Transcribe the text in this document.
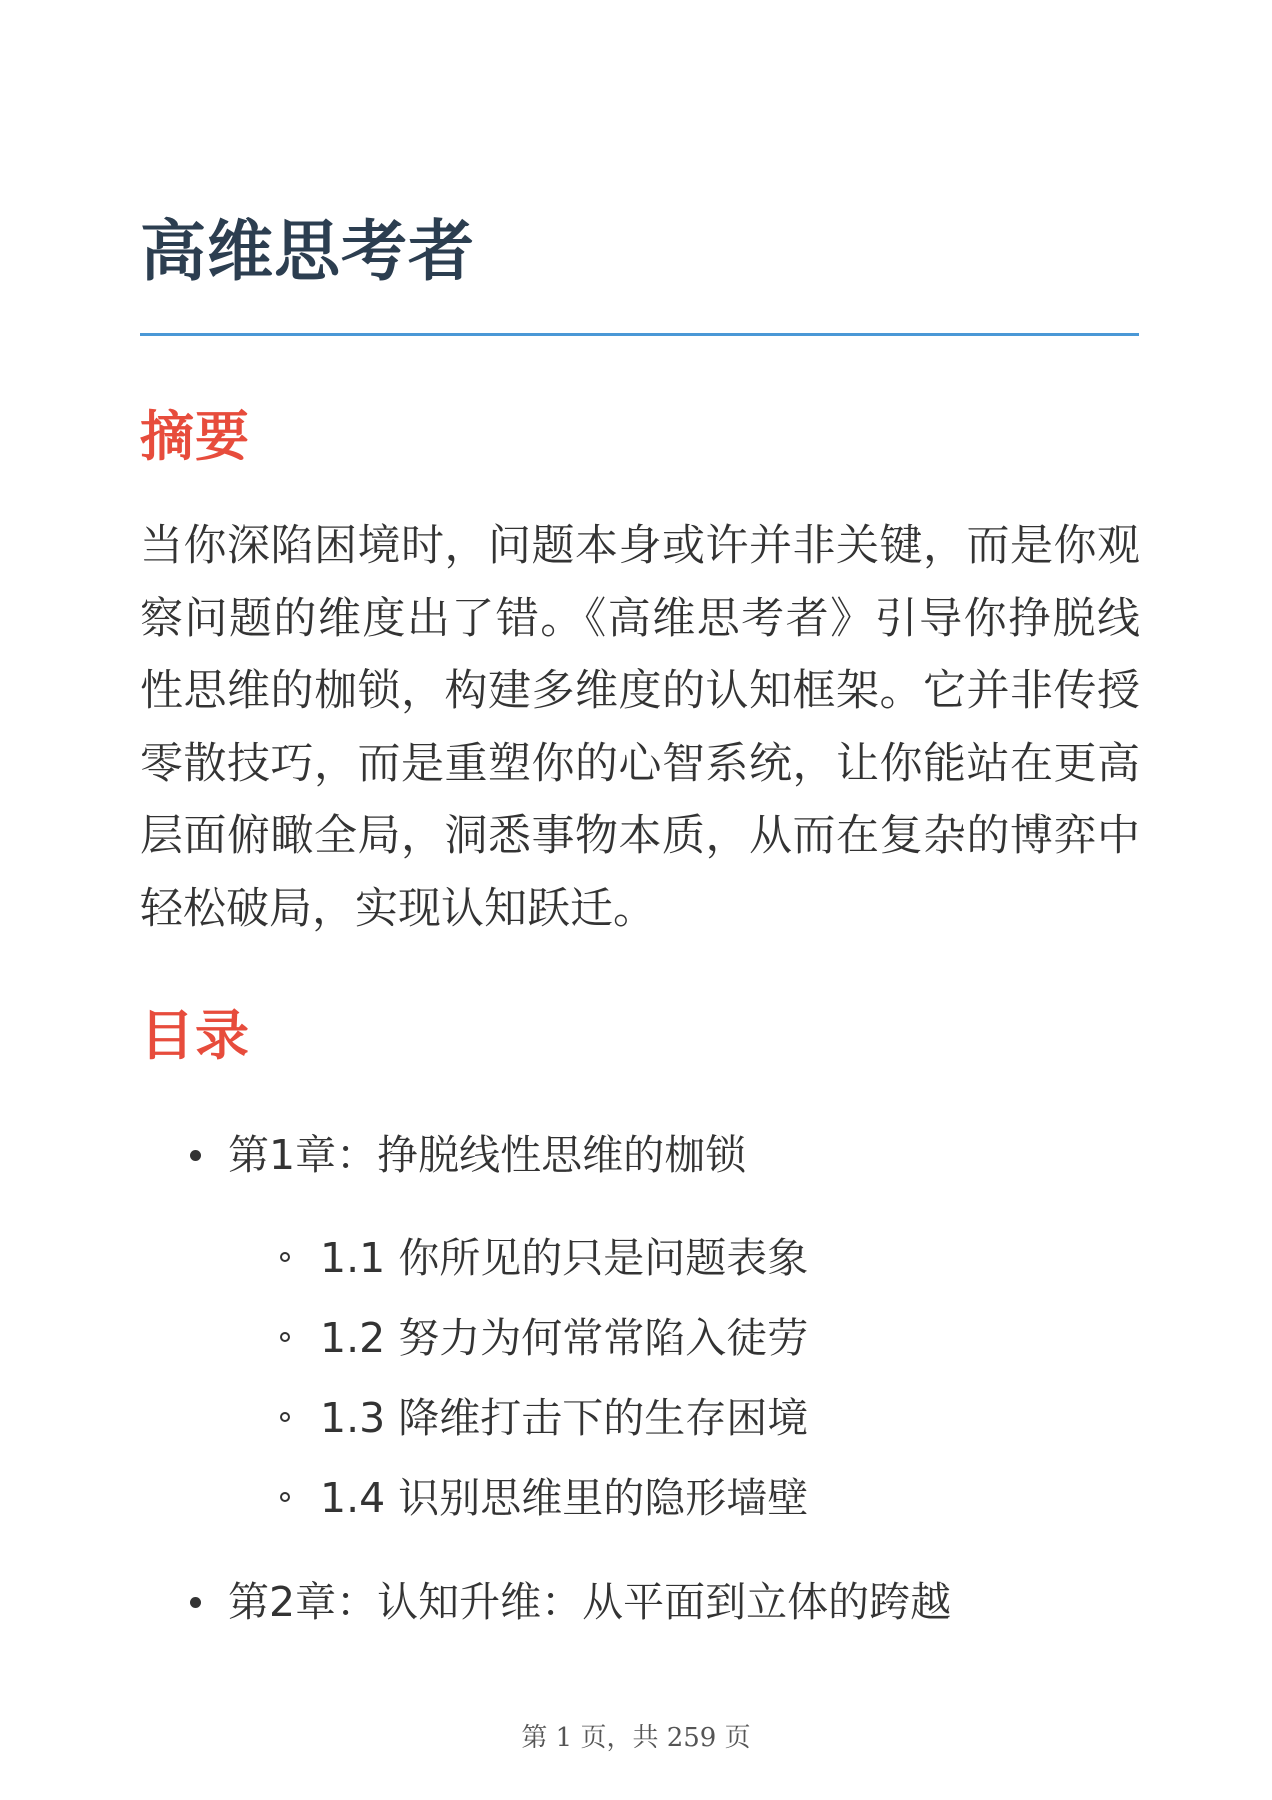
高维思考者
摘要

当你深陷困境时，问题本身或许并非关键，而是你观察问题的维度出了错。《高维思考者》引导你挣脱线性思维的枷锁，构建多维度的认知框架。它并非传授零散技巧，而是重塑你的心智系统，让你能站在更高层面俯瞰全局，洞悉事物本质，从而在复杂的博弈中轻松破局，实现认知跃迁。

目录
第1章：挣脱线性思维的枷锁
1.1 你所见的只是问题表象
1.2 努力为何常常陷入徒劳
1.3 降维打击下的生存困境
1.4 识别思维里的隐形墙壁
第2章：认知升维：从平面到立体的跨越
第 1 页，共 259 页
